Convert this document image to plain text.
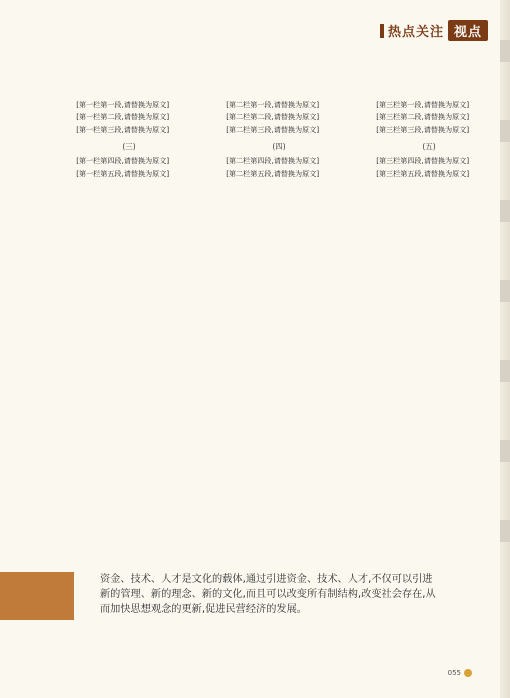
热点关注 视点
[第一栏第一段,请替换为原文]
[第一栏第二段,请替换为原文]
[第一栏第三段,请替换为原文]
(三)
[第一栏第四段,请替换为原文]
[第一栏第五段,请替换为原文]
[第二栏第一段,请替换为原文]
[第二栏第二段,请替换为原文]
[第二栏第三段,请替换为原文]
(四)
[第二栏第四段,请替换为原文]
[第二栏第五段,请替换为原文]
[第三栏第一段,请替换为原文]
[第三栏第二段,请替换为原文]
[第三栏第三段,请替换为原文]
(五)
[第三栏第四段,请替换为原文]
[第三栏第五段,请替换为原文]
资金、技术、人才是文化的载体,通过引进资金、技术、人才,不仅可以引进新的管理、新的理念、新的文化,而且可以改变所有制结构,改变社会存在,从而加快思想观念的更新,促进民营经济的发展。
055
